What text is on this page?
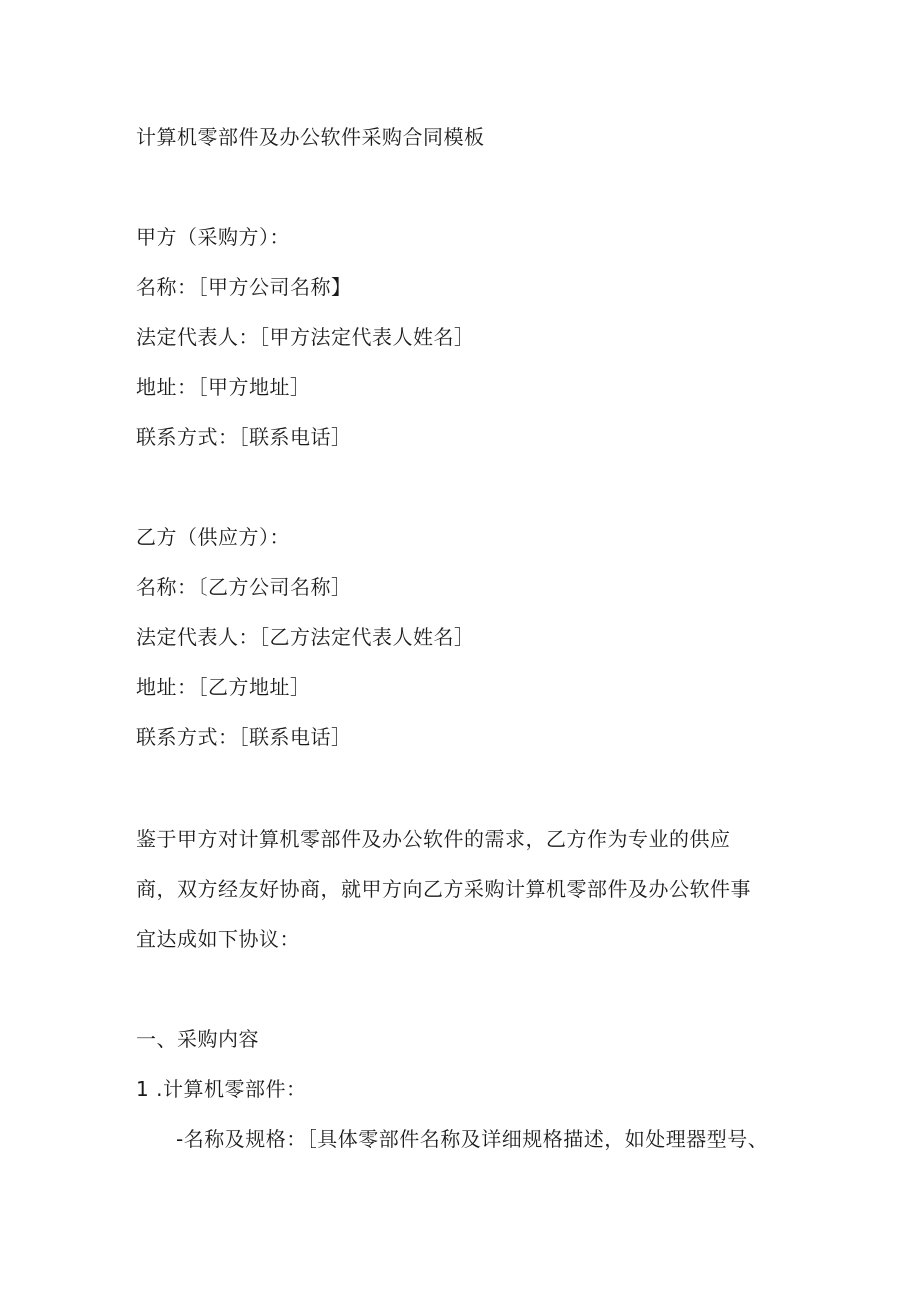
计算机零部件及办公软件采购合同模板
甲方（采购方）：
名称：［甲方公司名称】
法定代表人：［甲方法定代表人姓名］
地址：［甲方地址］
联系方式：［联系电话］
乙方（供应方）：
名称：〔乙方公司名称］
法定代表人：［乙方法定代表人姓名］
地址：［乙方地址］
联系方式：［联系电话］
鉴于甲方对计算机零部件及办公软件的需求，乙方作为专业的供应
商，双方经友好协商，就甲方向乙方采购计算机零部件及办公软件事
宜达成如下协议：
一、采购内容
1 .计算机零部件：
-名称及规格：［具体零部件名称及详细规格描述，如处理器型号、
